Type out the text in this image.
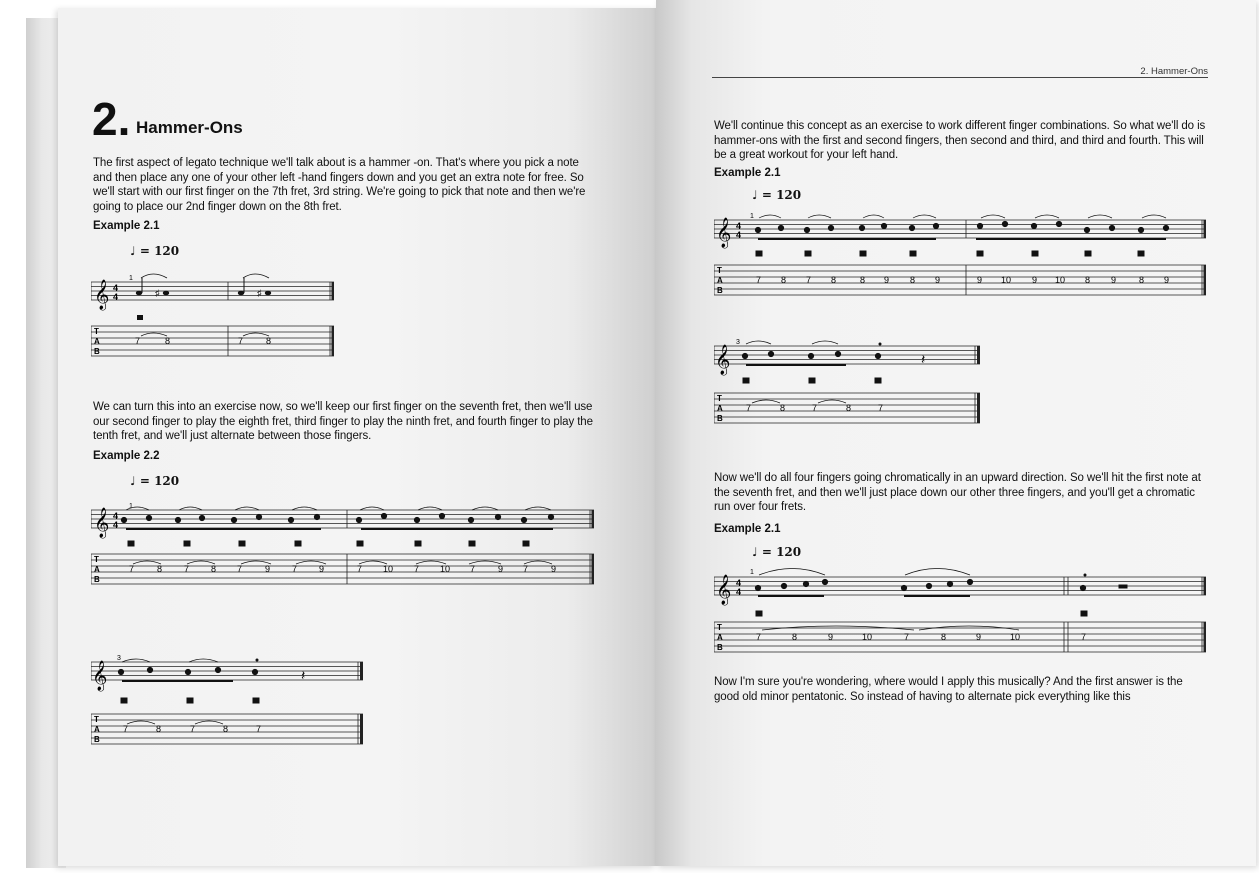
2. Hammer-Ons
The first aspect of legato technique we'll talk about is a hammer -on. That's where you pick a note and then place any one of your other left -hand fingers down and you get an extra note for free. So we'll start with our first finger on the 7th fret, 3rd string. We're going to pick that note and then we're going to place our 2nd finger down on the 8th fret.
Example 2.1
♩ = 120
1
𝄞 4
4
T
A
B
♯	♯
7	8	7	8
We can turn this into an exercise now, so we'll keep our first finger on the seventh fret, then we'll use our second finger to play the eighth fret, third finger to play the ninth fret, and fourth finger to play the tenth fret, and we'll just alternate between those fingers.
Example 2.2
♩ = 120
1
𝄞 4
4
T
A
B
7	8 7 8 7	9 7 9	7 10 7 10 7	9 7	9
3
𝄞
T
A
B
𝄽
7	8	7	8	7
2. Hammer-Ons
We'll continue this concept as an exercise to work different finger combinations. So what we'll do is hammer-ons with the first and second fingers, then second and third, and third and fourth. This will be a great workout for your left hand.
Example 2.1
♩ = 120
1
𝄞 4
4
T
A
B
7 8 7 8	8 9 8 9	9 10 9 10 8 9	8 9
3
𝄞
T
A
B
𝄽
7	8	7	8	7
Now we'll do all four fingers going chromatically in an upward direction. So we'll hit the first note at the seventh fret, and then we'll just place down our other three fingers, and you'll get a chromatic run over four frets.
Example 2.1
♩ = 120
1
𝄞 4
4
T
A
B
7	8	9	10	7	8	9	10	7
Now I'm sure you're wondering, where would I apply this musically? And the first answer is the good old minor pentatonic. So instead of having to alternate pick everything like this
